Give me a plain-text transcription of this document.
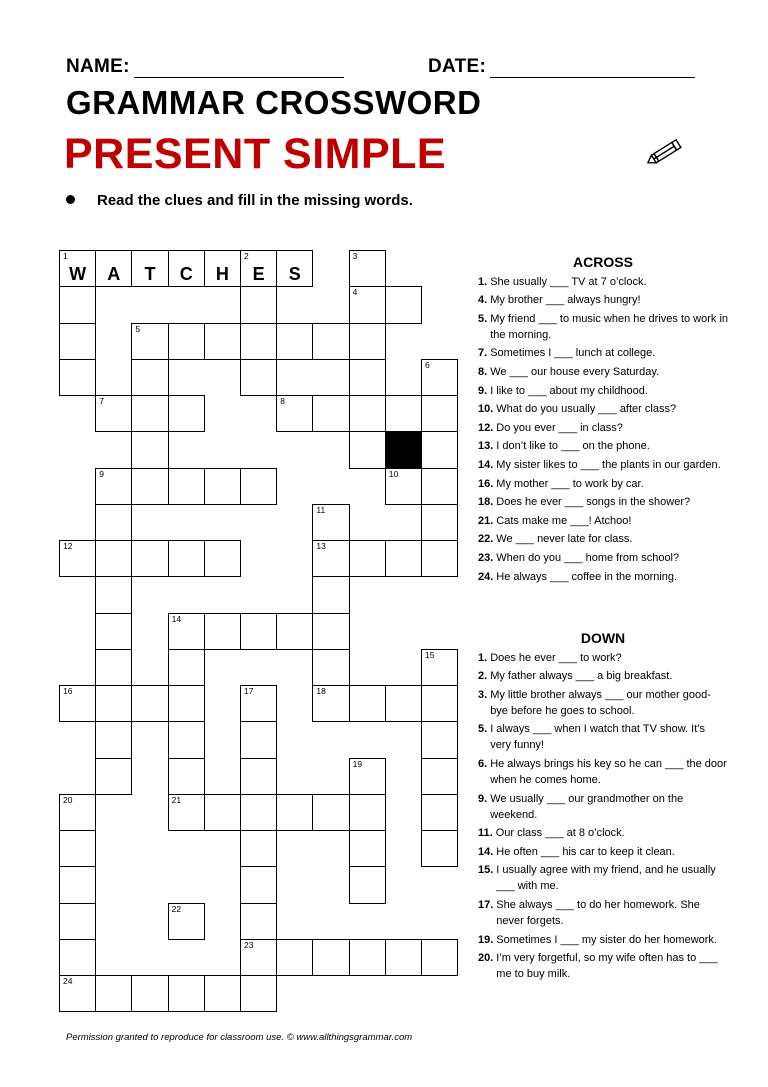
NAME:	DATE:
GRAMMAR CROSSWORD
PRESENT SIMPLE
Read the clues and fill in the missing words.
1
W	A	T	C	H
2
E	S
3
4
5
6
7	8
9	10
11
12	13
14
15
16	17	18
19
20	21
22
23
24
ACROSS
1. She usually ___ TV at 7 o’clock.
4. My brother ___ always hungry!
5. My friend ___ to music when he drives to work in the morning.
7. Sometimes I ___ lunch at college.
8. We ___ our house every Saturday.
9. I like to ___ about my childhood.
10. What do you usually ___ after class?
12. Do you ever ___ in class?
13. I don’t like to ___ on the phone.
14. My sister likes to ___ the plants in our garden.
16. My mother ___ to work by car.
18. Does he ever ___ songs in the shower?
21. Cats make me ___! Atchoo!
22. We ___ never late for class.
23. When do you ___ home from school?
24. He always ___ coffee in the morning.
DOWN
1. Does he ever ___ to work?
2. My father always ___ a big breakfast.
3. My little brother always ___ our mother good-bye before he goes to school.
5. I always ___ when I watch that TV show. It’s very funny!
6. He always brings his key so he can ___ the door when he comes home.
9. We usually ___ our grandmother on the weekend.
11. Our class ___ at 8 o’clock.
14. He often ___ his car to keep it clean.
15. I usually agree with my friend, and he usually ___ with me.
17. She always ___ to do her homework. She never forgets.
19. Sometimes I ___ my sister do her homework.
20. I’m very forgetful, so my wife often has to ___ me to buy milk.
Permission granted to reproduce for classroom use. © www.allthingsgrammar.com
